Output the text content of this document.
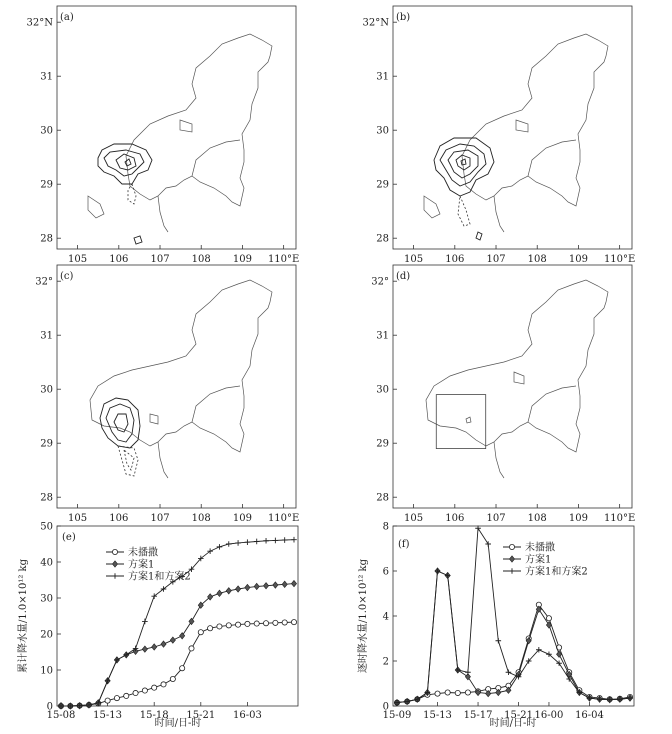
(a)
32°N
31
30
29
28
105 106 107 108 109 110°E
(b)
32°N
31
30
29
28
105 106 107 108 109 110°E
(c)
32°
31
30
29
28
105 106 107 108 109 110°E
(d)
32°
31
30
29
28
105 106 107 108 109 110°E
(e)
累计降水量/1.0×10¹² kg
时间/日-时
0
10
20
30
40
50
15-08 15-13 15-18 15-21 16-03
未播撒
方案1
方案1和方案2
(f)
逐时降水量/1.0×10¹² kg
时间/日-时
0
2
4
6
8
15-09 15-13 15-17 15-21 16-00 16-04
未播撒
方案1
方案1和方案2
